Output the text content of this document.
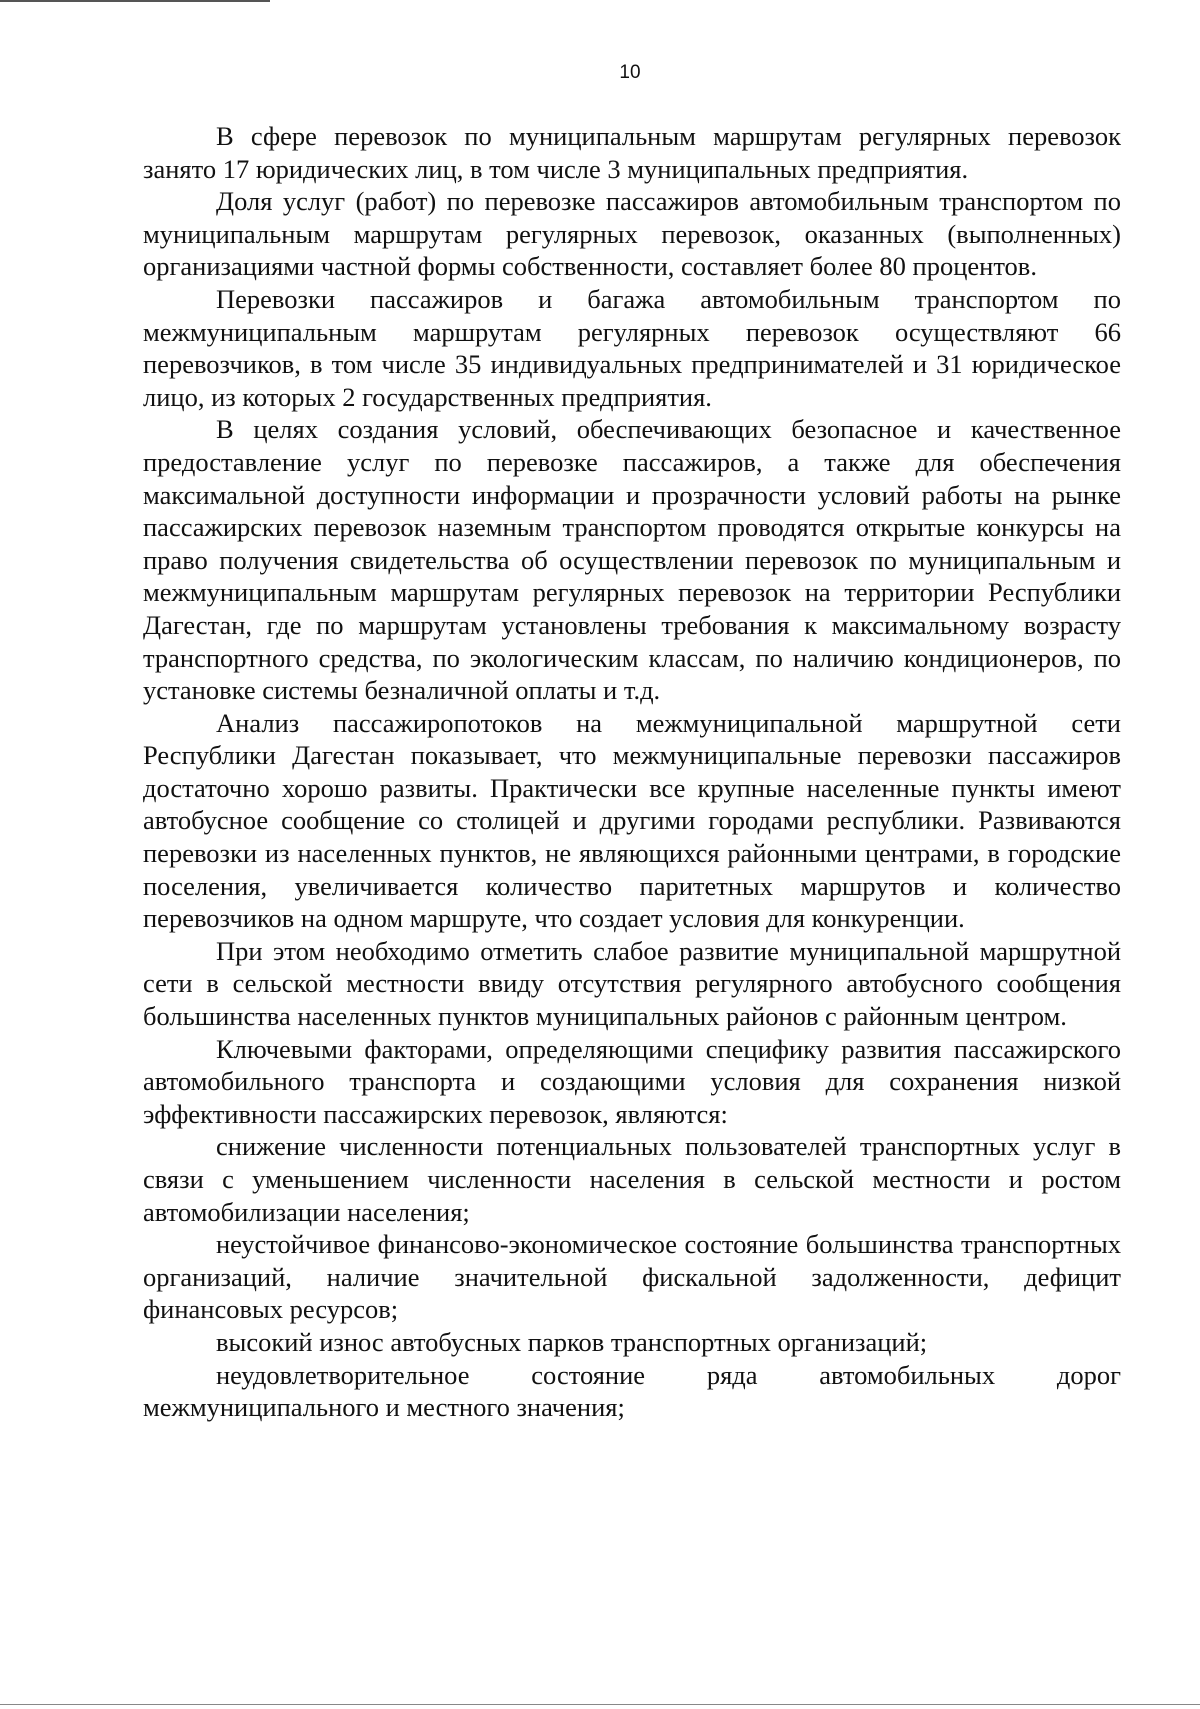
10

В сфере перевозок по муниципальным маршрутам регулярных перевозок занято 17 юридических лиц, в том числе 3 муниципальных предприятия.

Доля услуг (работ) по перевозке пассажиров автомобильным транспортом по муниципальным маршрутам регулярных перевозок, оказанных (выполненных) организациями частной формы собственности, составляет более 80 процентов.

Перевозки пассажиров и багажа автомобильным транспортом по межмуниципальным маршрутам регулярных перевозок осуществляют 66 перевозчиков, в том числе 35 индивидуальных предпринимателей и 31 юридическое лицо, из которых 2 государственных предприятия.

В целях создания условий, обеспечивающих безопасное и качественное предоставление услуг по перевозке пассажиров, а также для обеспечения максимальной доступности информации и прозрачности условий работы на рынке пассажирских перевозок наземным транспортом проводятся открытые конкурсы на право получения свидетельства об осуществлении перевозок по муниципальным и межмуниципальным маршрутам регулярных перевозок на территории Республики Дагестан, где по маршрутам установлены требования к максимальному возрасту транспортного средства, по экологическим классам, по наличию кондиционеров, по установке системы безналичной оплаты и т.д.

Анализ пассажиропотоков на межмуниципальной маршрутной сети Республики Дагестан показывает, что межмуниципальные перевозки пассажиров достаточно хорошо развиты. Практически все крупные населенные пункты имеют автобусное сообщение со столицей и другими городами республики. Развиваются перевозки из населенных пунктов, не являющихся районными центрами, в городские поселения, увеличивается количество паритетных маршрутов и количество перевозчиков на одном маршруте, что создает условия для конкуренции.

При этом необходимо отметить слабое развитие муниципальной маршрутной сети в сельской местности ввиду отсутствия регулярного автобусного сообщения большинства населенных пунктов муниципальных районов с районным центром.

Ключевыми факторами, определяющими специфику развития пассажирского автомобильного транспорта и создающими условия для сохранения низкой эффективности пассажирских перевозок, являются:

снижение численности потенциальных пользователей транспортных услуг в связи с уменьшением численности населения в сельской местности и ростом автомобилизации населения;

неустойчивое финансово-экономическое состояние большинства транспортных организаций, наличие значительной фискальной задолженности, дефицит финансовых ресурсов;

высокий износ автобусных парков транспортных организаций;

неудовлетворительное состояние ряда автомобильных дорог межмуниципального и местного значения;
